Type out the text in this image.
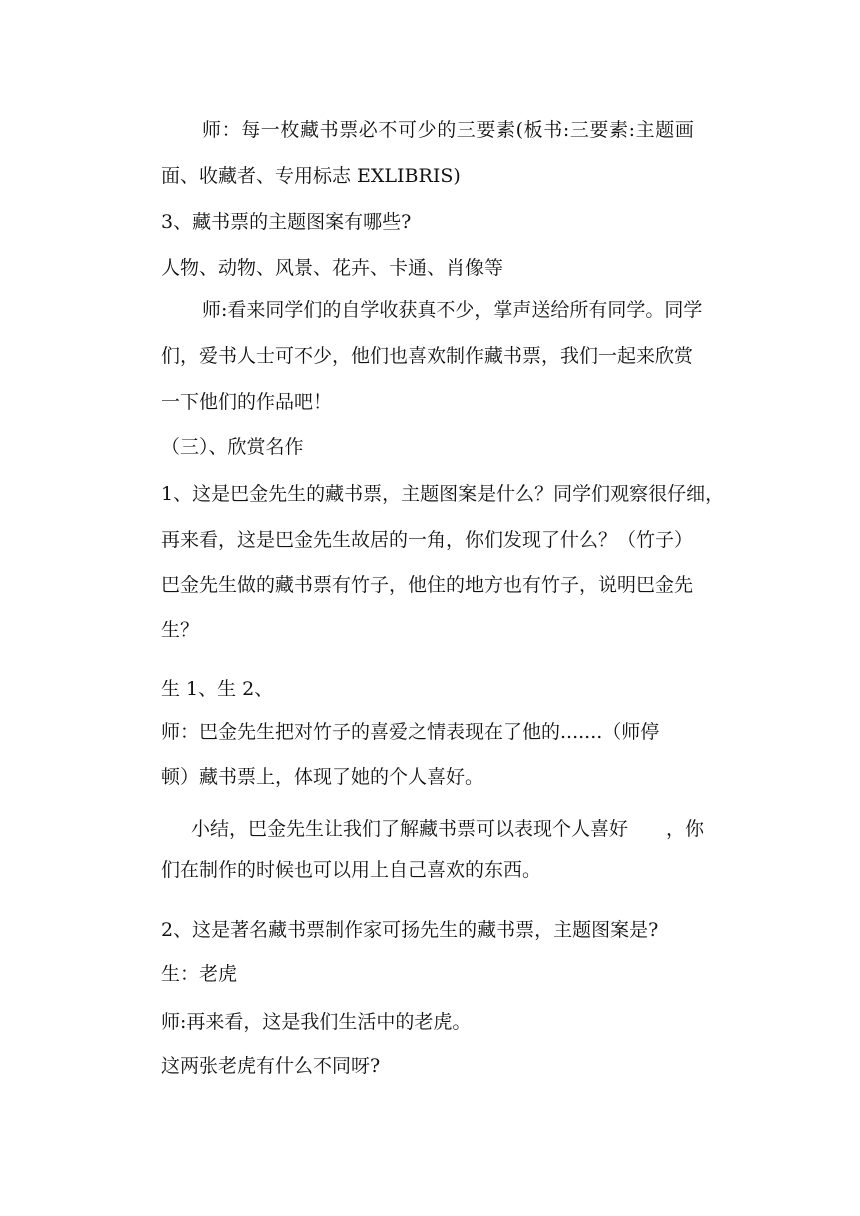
师：每一枚藏书票必不可少的三要素(板书:三要素:主题画
面、收藏者、专用标志 EXLIBRIS)
3、藏书票的主题图案有哪些?
人物、动物、风景、花卉、卡通、肖像等
师:看来同学们的自学收获真不少，掌声送给所有同学。同学
们，爱书人士可不少，他们也喜欢制作藏书票，我们一起来欣赏
一下他们的作品吧！
（三）、欣赏名作
1、这是巴金先生的藏书票，主题图案是什么？同学们观察很仔细，
再来看，这是巴金先生故居的一角，你们发现了什么？（竹子）
巴金先生做的藏书票有竹子，他住的地方也有竹子，说明巴金先
生？
生 1、生 2、
师：巴金先生把对竹子的喜爱之情表现在了他的.......（师停
顿）藏书票上，体现了她的个人喜好。
小结，巴金先生让我们了解藏书票可以表现个人喜好　　，你
们在制作的时候也可以用上自己喜欢的东西。
2、这是著名藏书票制作家可扬先生的藏书票，主题图案是?
生：老虎
师:再来看，这是我们生活中的老虎。
这两张老虎有什么不同呀?
